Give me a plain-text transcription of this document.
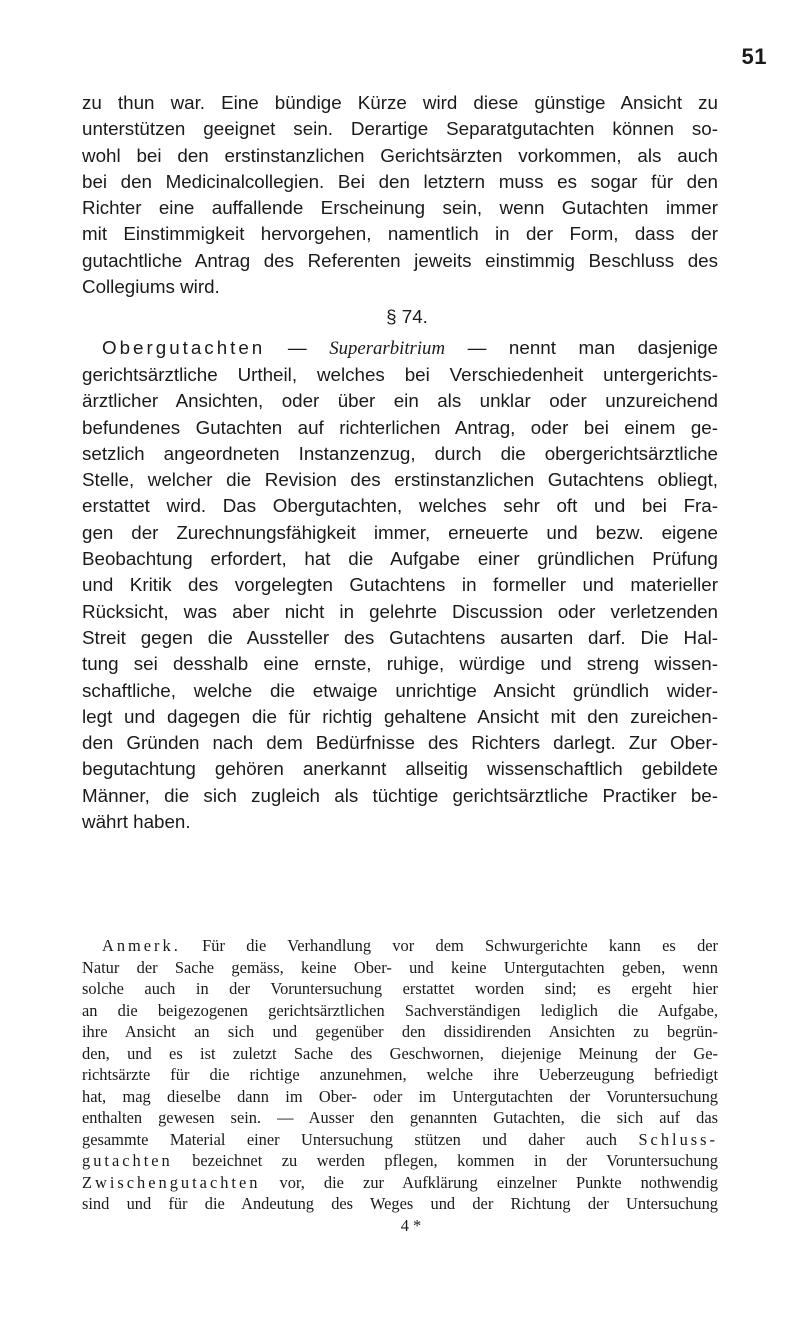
51
zu thun war. Eine bündige Kürze wird diese günstige Ansicht zu
unterstützen geeignet sein. Derartige Separatgutachten können so-
wohl bei den erstinstanzlichen Gerichtsärzten vorkommen, als auch
bei den Medicinalcollegien. Bei den letztern muss es sogar für den
Richter eine auffallende Erscheinung sein, wenn Gutachten immer
mit Einstimmigkeit hervorgehen, namentlich in der Form, dass der
gutachtliche Antrag des Referenten jeweits einstimmig Beschluss des
Collegiums wird.
§ 74.
Obergutachten — Superarbitrium — nennt man dasjenige
gerichtsärztliche Urtheil, welches bei Verschiedenheit untergerichts-
ärztlicher Ansichten, oder über ein als unklar oder unzureichend
befundenes Gutachten auf richterlichen Antrag, oder bei einem ge-
setzlich angeordneten Instanzenzug, durch die obergerichtsärztliche
Stelle, welcher die Revision des erstinstanzlichen Gutachtens obliegt,
erstattet wird. Das Obergutachten, welches sehr oft und bei Fra-
gen der Zurechnungsfähigkeit immer, erneuerte und bezw. eigene
Beobachtung erfordert, hat die Aufgabe einer gründlichen Prüfung
und Kritik des vorgelegten Gutachtens in formeller und materieller
Rücksicht, was aber nicht in gelehrte Discussion oder verletzenden
Streit gegen die Aussteller des Gutachtens ausarten darf. Die Hal-
tung sei desshalb eine ernste, ruhige, würdige und streng wissen-
schaftliche, welche die etwaige unrichtige Ansicht gründlich wider-
legt und dagegen die für richtig gehaltene Ansicht mit den zureichen-
den Gründen nach dem Bedürfnisse des Richters darlegt. Zur Ober-
begutachtung gehören anerkannt allseitig wissenschaftlich gebildete
Männer, die sich zugleich als tüchtige gerichtsärztliche Practiker be-
währt haben.
Anmerk. Für die Verhandlung vor dem Schwurgerichte kann es der
Natur der Sache gemäss, keine Ober- und keine Untergutachten geben, wenn
solche auch in der Voruntersuchung erstattet worden sind; es ergeht hier
an die beigezogenen gerichtsärztlichen Sachverständigen lediglich die Aufgabe,
ihre Ansicht an sich und gegenüber den dissidirenden Ansichten zu begrün-
den, und es ist zuletzt Sache des Geschwornen, diejenige Meinung der Ge-
richtsärzte für die richtige anzunehmen, welche ihre Ueberzeugung befriedigt
hat, mag dieselbe dann im Ober- oder im Untergutachten der Voruntersuchung
enthalten gewesen sein. — Ausser den genannten Gutachten, die sich auf das
gesammte Material einer Untersuchung stützen und daher auch Schluss-
gutachten bezeichnet zu werden pflegen, kommen in der Voruntersuchung
Zwischengutachten vor, die zur Aufklärung einzelner Punkte nothwendig
sind und für die Andeutung des Weges und der Richtung der Untersuchung
4 *
